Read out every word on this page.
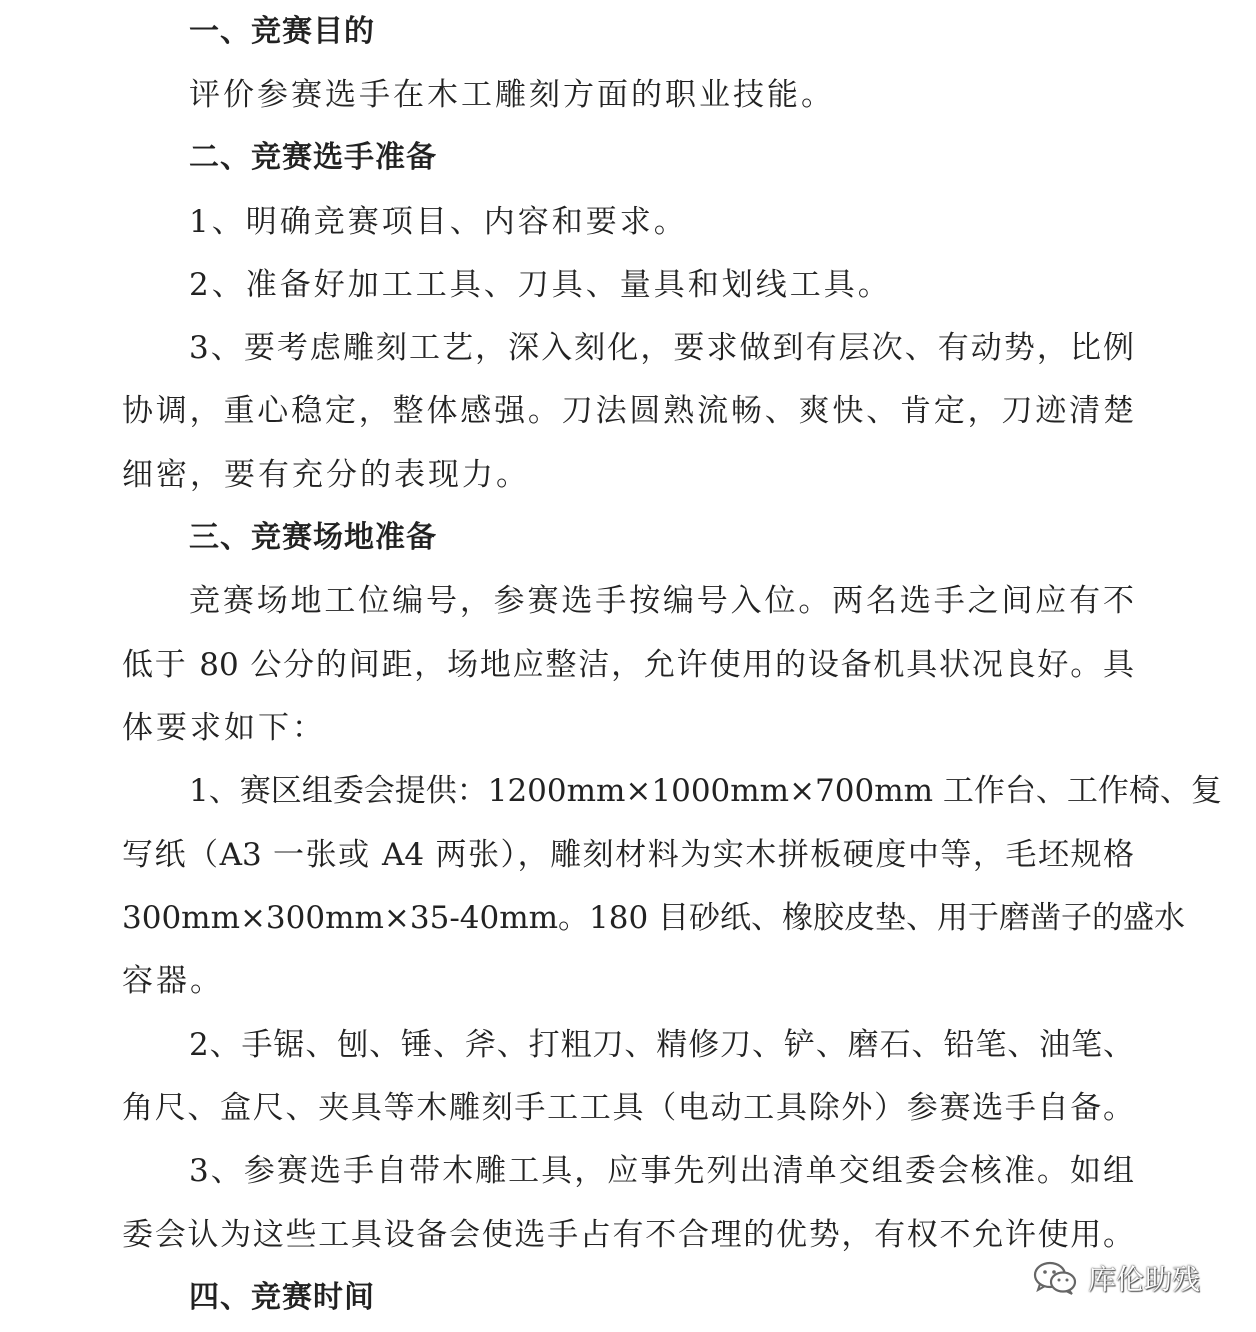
一、竞赛目的
评价参赛选手在木工雕刻方面的职业技能。
二、竞赛选手准备
1、明确竞赛项目、内容和要求。
2、准备好加工工具、刀具、量具和划线工具。
3、要考虑雕刻工艺，深入刻化，要求做到有层次、有动势，比例
协调，重心稳定，整体感强。刀法圆熟流畅、爽快、肯定，刀迹清楚
细密，要有充分的表现力。
三、竞赛场地准备
竞赛场地工位编号，参赛选手按编号入位。两名选手之间应有不
低于 80 公分的间距，场地应整洁，允许使用的设备机具状况良好。具
体要求如下：
1、赛区组委会提供：1200mm×1000mm×700mm 工作台、工作椅、复
写纸（A3 一张或 A4 两张），雕刻材料为实木拼板硬度中等，毛坯规格
300mm×300mm×35-40mm。180 目砂纸、橡胶皮垫、用于磨凿子的盛水
容器。
2、手锯、刨、锤、斧、打粗刀、精修刀、铲、磨石、铅笔、油笔、
角尺、盒尺、夹具等木雕刻手工工具（电动工具除外）参赛选手自备。
3、参赛选手自带木雕工具，应事先列出清单交组委会核准。如组
委会认为这些工具设备会使选手占有不合理的优势，有权不允许使用。
四、竞赛时间
库伦助残
